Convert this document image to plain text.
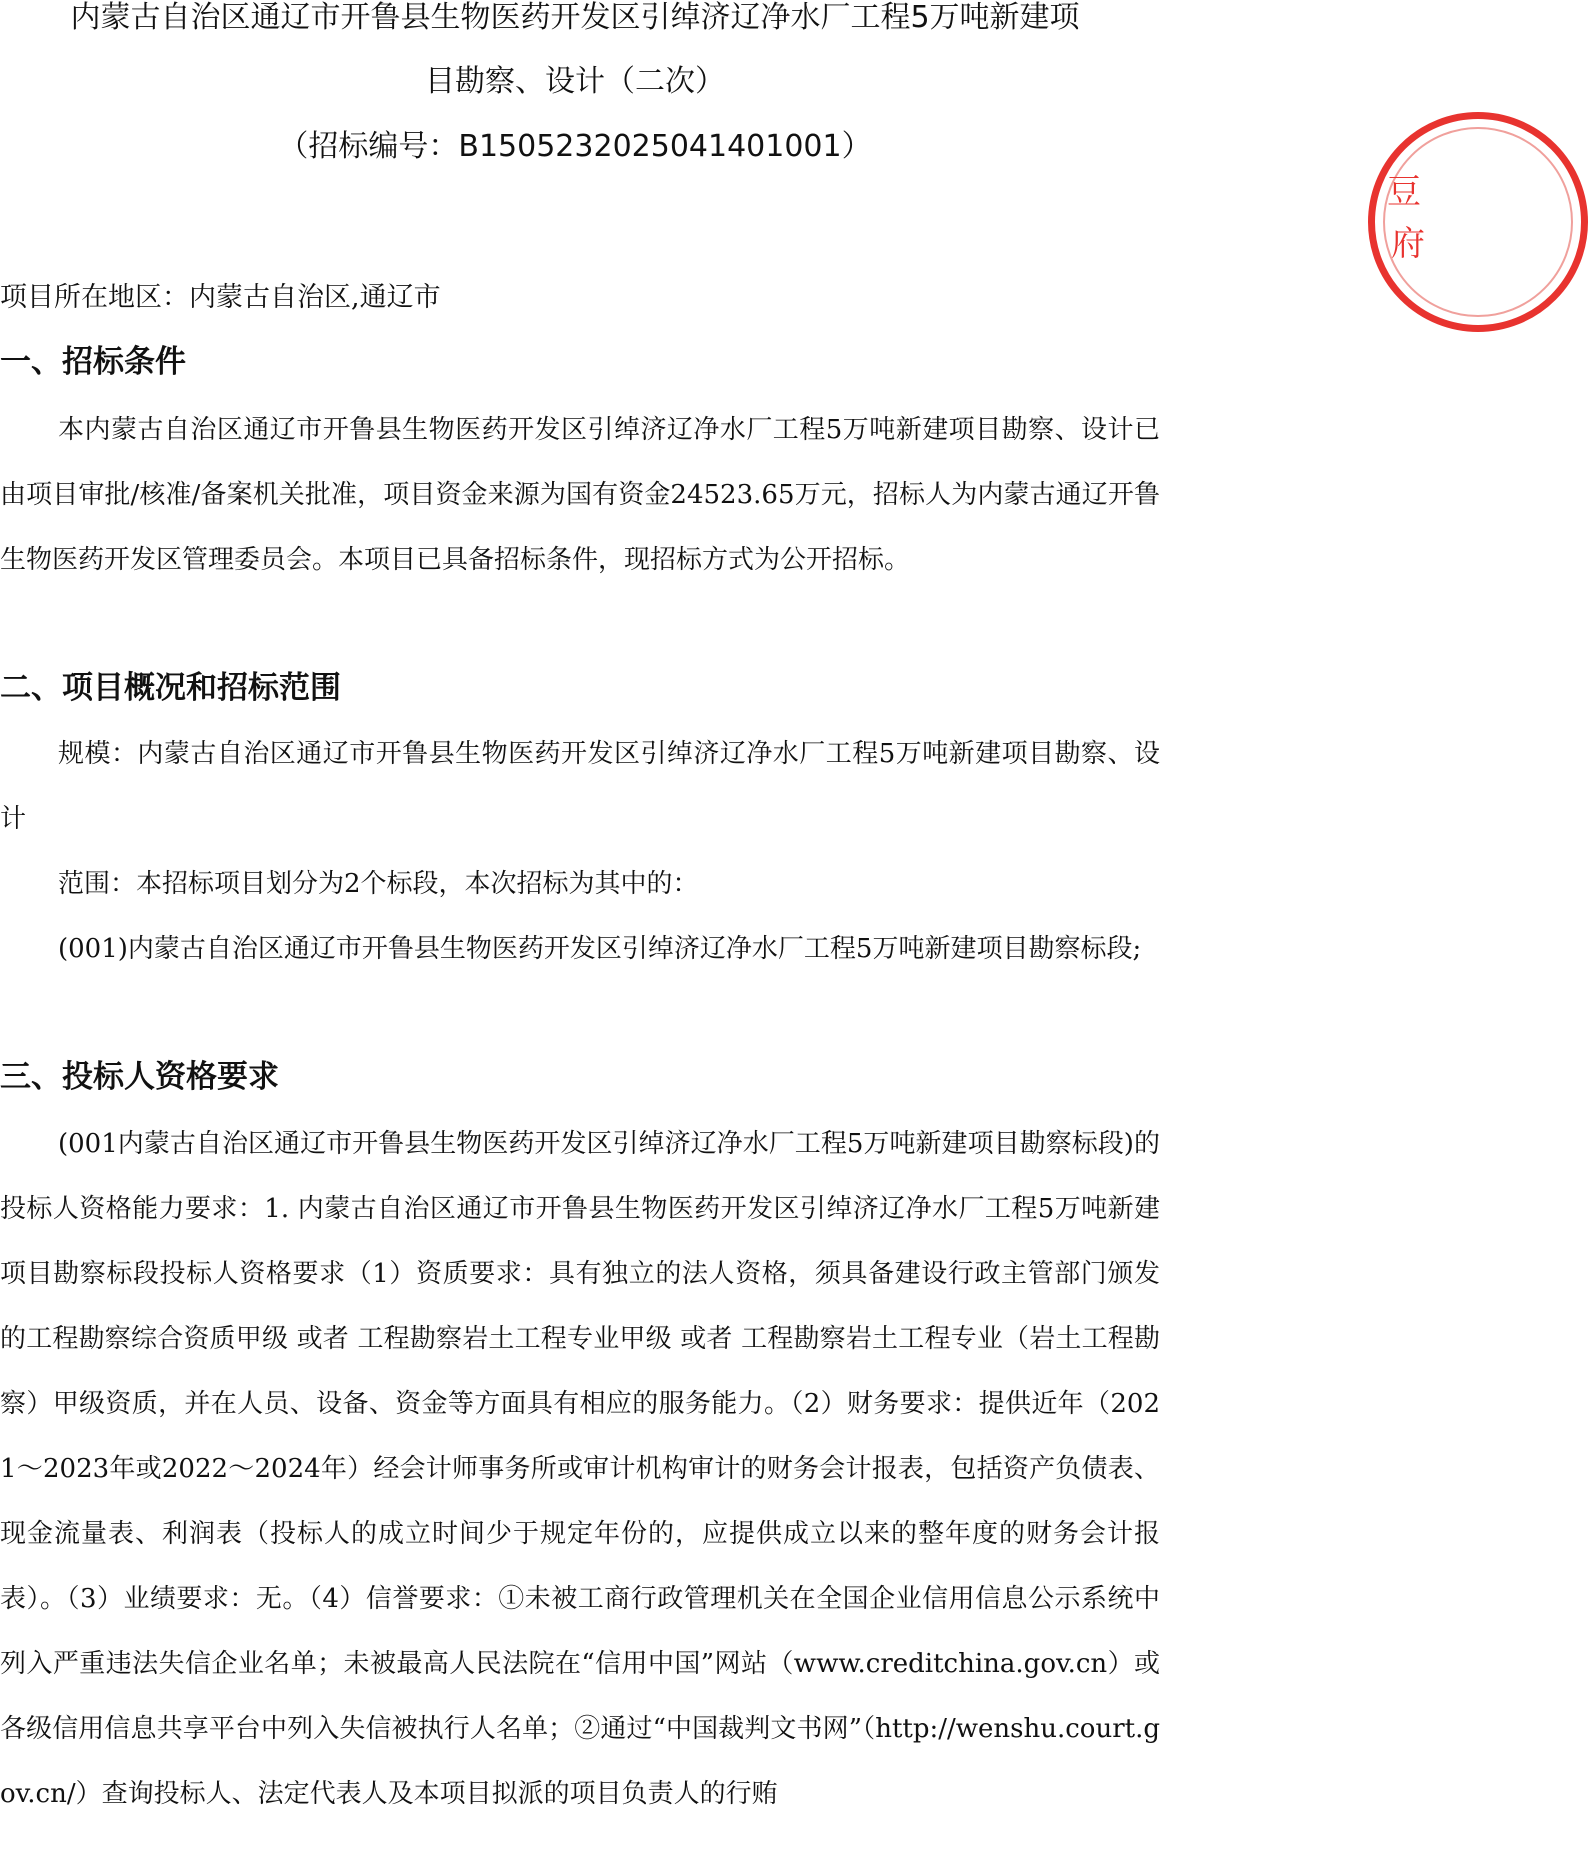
内蒙古自治区通辽市开鲁县生物医药开发区引绰济辽净水厂工程5万吨新建项
目勘察、设计（二次）
（招标编号：B1505232025041401001）
项目所在地区：内蒙古自治区,通辽市
一、招标条件

本内蒙古自治区通辽市开鲁县生物医药开发区引绰济辽净水厂工程5万吨新建项目勘察、设计已由项目审批/核准/备案机关批准，项目资金来源为国有资金24523.65万元，招标人为内蒙古通辽开鲁生物医药开发区管理委员会。本项目已具备招标条件，现招标方式为公开招标。

二、项目概况和招标范围

规模：内蒙古自治区通辽市开鲁县生物医药开发区引绰济辽净水厂工程5万吨新建项目勘察、设计

范围：本招标项目划分为2个标段，本次招标为其中的：

(001)内蒙古自治区通辽市开鲁县生物医药开发区引绰济辽净水厂工程5万吨新建项目勘察标段;

三、投标人资格要求

(001内蒙古自治区通辽市开鲁县生物医药开发区引绰济辽净水厂工程5万吨新建项目勘察标段)的投标人资格能力要求：1. 内蒙古自治区通辽市开鲁县生物医药开发区引绰济辽净水厂工程5万吨新建项目勘察标段投标人资格要求（1）资质要求：具有独立的法人资格，须具备建设行政主管部门颁发的工程勘察综合资质甲级 或者 工程勘察岩土工程专业甲级 或者 工程勘察岩土工程专业（岩土工程勘察）甲级资质，并在人员、设备、资金等方面具有相应的服务能力。（2）财务要求：提供近年（2021～2023年或2022～2024年）经会计师事务所或审计机构审计的财务会计报表，包括资产负债表、现金流量表、利润表（投标人的成立时间少于规定年份的，应提供成立以来的整年度的财务会计报表）。（3）业绩要求：无。（4）信誉要求：①未被工商行政管理机关在全国企业信用信息公示系统中列入严重违法失信企业名单；未被最高人民法院在“信用中国”网站（www.creditchina.gov.cn）或各级信用信息共享平台中列入失信被执行人名单；②通过“中国裁判文书网”（http://wenshu.court.gov.cn/）查询投标人、法定代表人及本项目拟派的项目负责人的行贿

豆
府
